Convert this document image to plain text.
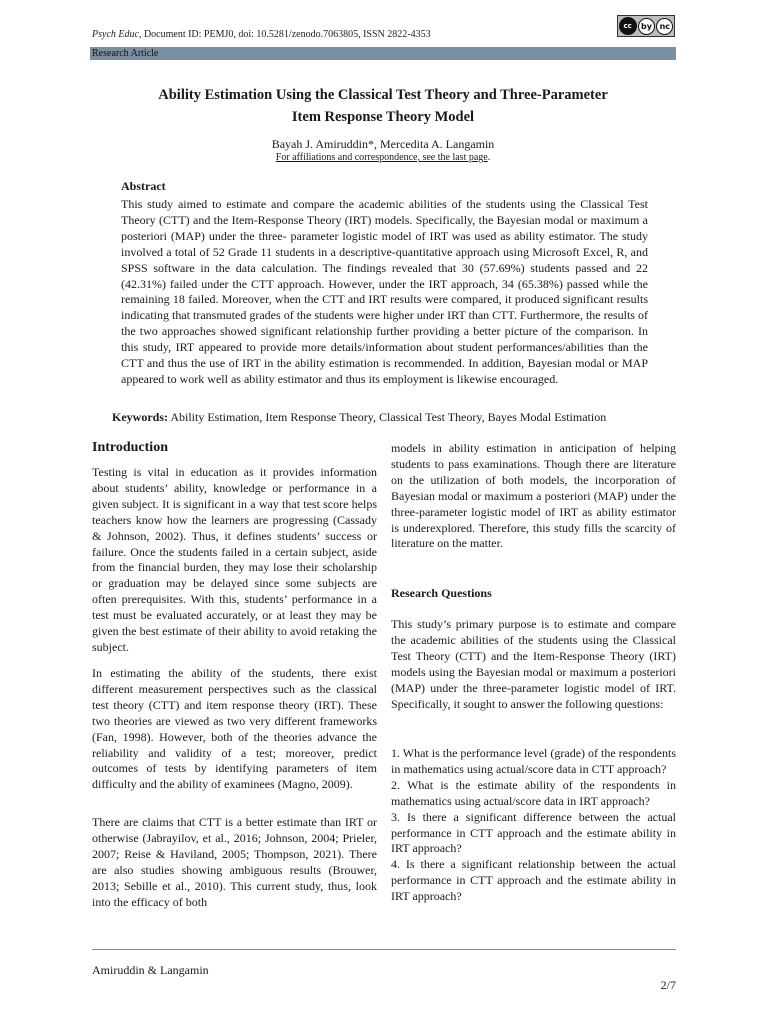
Psych Educ, Document ID: PEMJ0, doi: 10.5281/zenodo.7063805, ISSN 2822-4353
cc	by nc
Research Article
Ability Estimation Using the Classical Test Theory and Three-Parameter
Item Response Theory Model
Bayah J. Amiruddin*, Mercedita A. Langamin
For affiliations and correspondence, see the last page.
Abstract
This study aimed to estimate and compare the academic abilities of the students using the Classical Test Theory (CTT) and the Item-Response Theory (IRT) models. Specifically, the Bayesian modal or maximum a posteriori (MAP) under the three- parameter logistic model of IRT was used as ability estimator. The study involved a total of 52 Grade 11 students in a descriptive-quantitative approach using Microsoft Excel, R, and SPSS software in the data calculation. The findings revealed that 30 (57.69%) students passed and 22 (42.31%) failed under the CTT approach. However, under the IRT approach, 34 (65.38%) passed while the remaining 18 failed. Moreover, when the CTT and IRT results were compared, it produced significant results indicating that transmuted grades of the students were higher under IRT than CTT. Furthermore, the results of the two approaches showed significant relationship further providing a better picture of the comparison. In this study, IRT appeared to provide more details/information about student performances/abilities than the CTT and thus the use of IRT in the ability estimation is recommended. In addition, Bayesian modal or MAP appeared to work well as ability estimator and thus its employment is likewise encouraged.
Keywords: Ability Estimation, Item Response Theory, Classical Test Theory, Bayes Modal Estimation
Introduction

Testing is vital in education as it provides information about students’ ability, knowledge or performance in a given subject. It is significant in a way that test score helps teachers know how the learners are progressing (Cassady & Johnson, 2002). Thus, it defines students’ success or failure. Once the students failed in a certain subject, aside from the financial burden, they may lose their scholarship or graduation may be delayed since some subjects are often prerequisites. With this, students’ performance in a test must be evaluated accurately, or at least they may be given the best estimate of their ability to avoid retaking the subject.

In estimating the ability of the students, there exist different measurement perspectives such as the classical test theory (CTT) and item response theory (IRT). These two theories are viewed as two very different frameworks (Fan, 1998). However, both of the theories advance the reliability and validity of a test; moreover, predict outcomes of tests by identifying parameters of item difficulty and the ability of examinees (Magno, 2009).

There are claims that CTT is a better estimate than IRT or otherwise (Jabrayilov, et al., 2016; Johnson, 2004; Prieler, 2007; Reise & Haviland, 2005; Thompson, 2021). There are also studies showing ambiguous results (Brouwer, 2013; Sebille et al., 2010). This current study, thus, look into the efficacy of both

models in ability estimation in anticipation of helping students to pass examinations. Though there are literature on the utilization of both models, the incorporation of Bayesian modal or maximum a posteriori (MAP) under the three-parameter logistic model of IRT as ability estimator is underexplored. Therefore, this study fills the scarcity of literature on the matter.

Research Questions

This study’s primary purpose is to estimate and compare the academic abilities of the students using the Classical Test Theory (CTT) and the Item-Response Theory (IRT) models using the Bayesian modal or maximum a posteriori (MAP) under the three-parameter logistic model of IRT. Specifically, it sought to answer the following questions:

1. What is the performance level (grade) of the respondents in mathematics using actual/score data in CTT approach?

2. What is the estimate ability of the respondents in mathematics using actual/score data in IRT approach?

3. Is there a significant difference between the actual performance in CTT approach and the estimate ability in IRT approach?

4. Is there a significant relationship between the actual performance in CTT approach and the estimate ability in IRT approach?

Amiruddin & Langamin
2/7
